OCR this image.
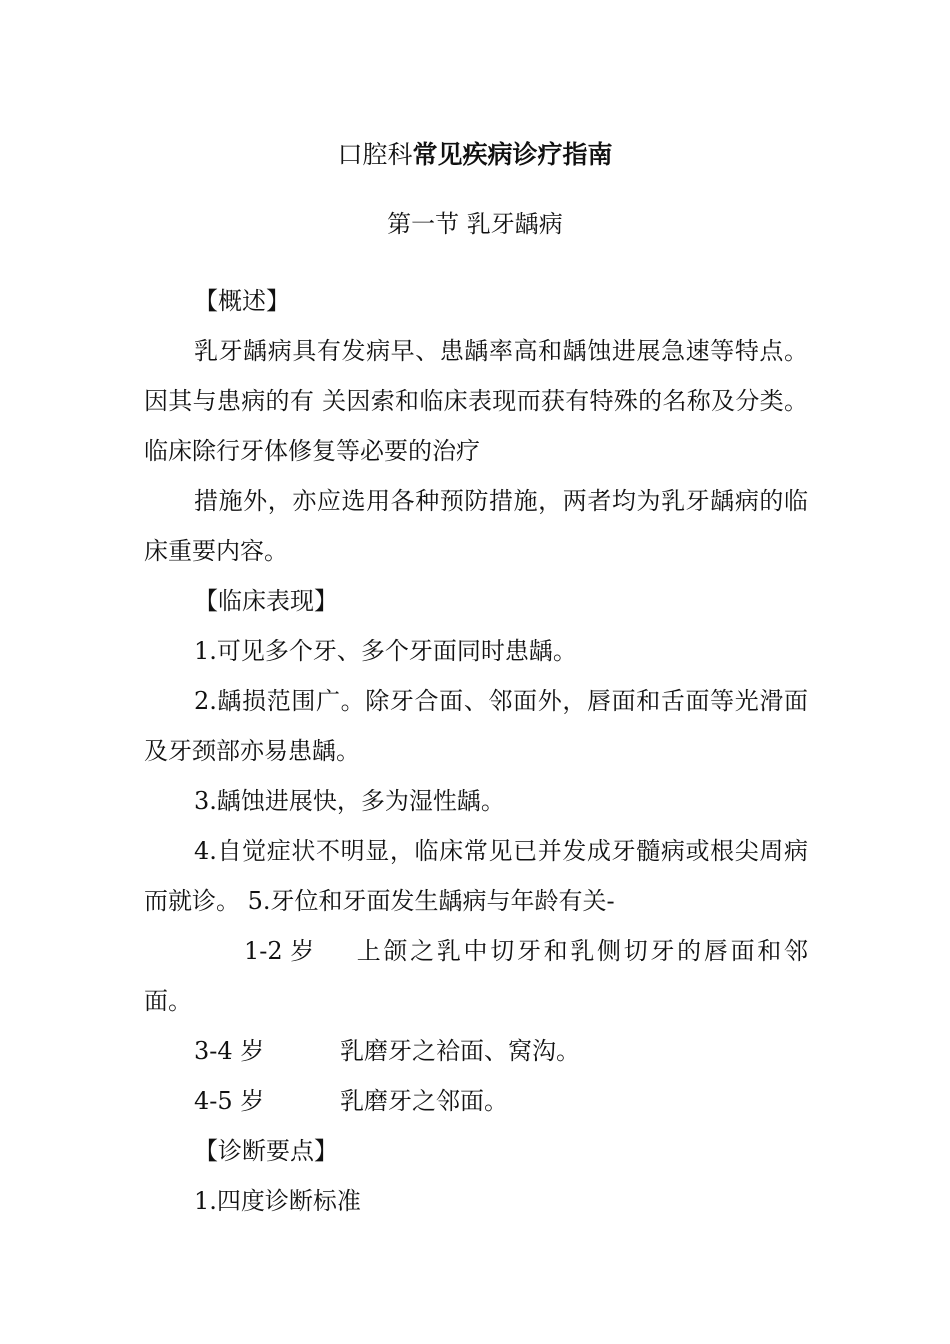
口腔科常见疾病诊疗指南
第一节 乳牙龋病

【概述】

乳牙龋病具有发病早、患龋率高和龋蚀进展急速等特点。因其与患病的有 关因索和临床表现而获有特殊的名称及分类。临床除行牙体修复等必要的治疗

措施外，亦应选用各种预防措施，两者均为乳牙龋病的临床重要内容。

【临床表现】

1.可见多个牙、多个牙面同时患龋。

2.龋损范围广。除牙合面、邻面外，唇面和舌面等光滑面及牙颈部亦易患龋。

3.龋蚀进展快，多为湿性龋。

4.自觉症状不明显，临床常见已并发成牙髓病或根尖周病而就诊。 5.牙位和牙面发生龋病与年龄有关-

1-2 岁 上颌之乳中切牙和乳侧切牙的唇面和邻面。

3-4 岁	乳磨牙之袷面、窝沟。
4-5 岁	乳磨牙之邻面。

【诊断要点】

1.四度诊断标准
